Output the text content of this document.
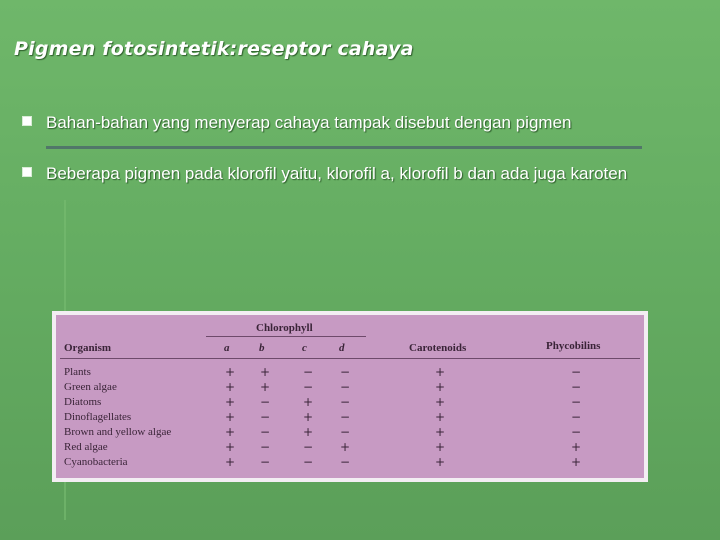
Pigmen fotosintetik:reseptor cahaya
Bahan-bahan yang menyerap cahaya tampak disebut dengan pigmen
Beberapa pigmen pada klorofil yaitu, klorofil a, klorofil b dan ada juga karoten
Chlorophyll
Organism	a	b	c	d	Carotenoids	Phycobilins
Plants	+	+	−	−	+	−
Green algae	+	+	−	−	+	−
Diatoms	+	−	+	−	+	−
Dinoflagellates	+	−	+	−	+	−
Brown and yellow algae	+	−	+	−	+	−
Red algae	+	−	−	+	+	+
Cyanobacteria	+	−	−	−	+	+
